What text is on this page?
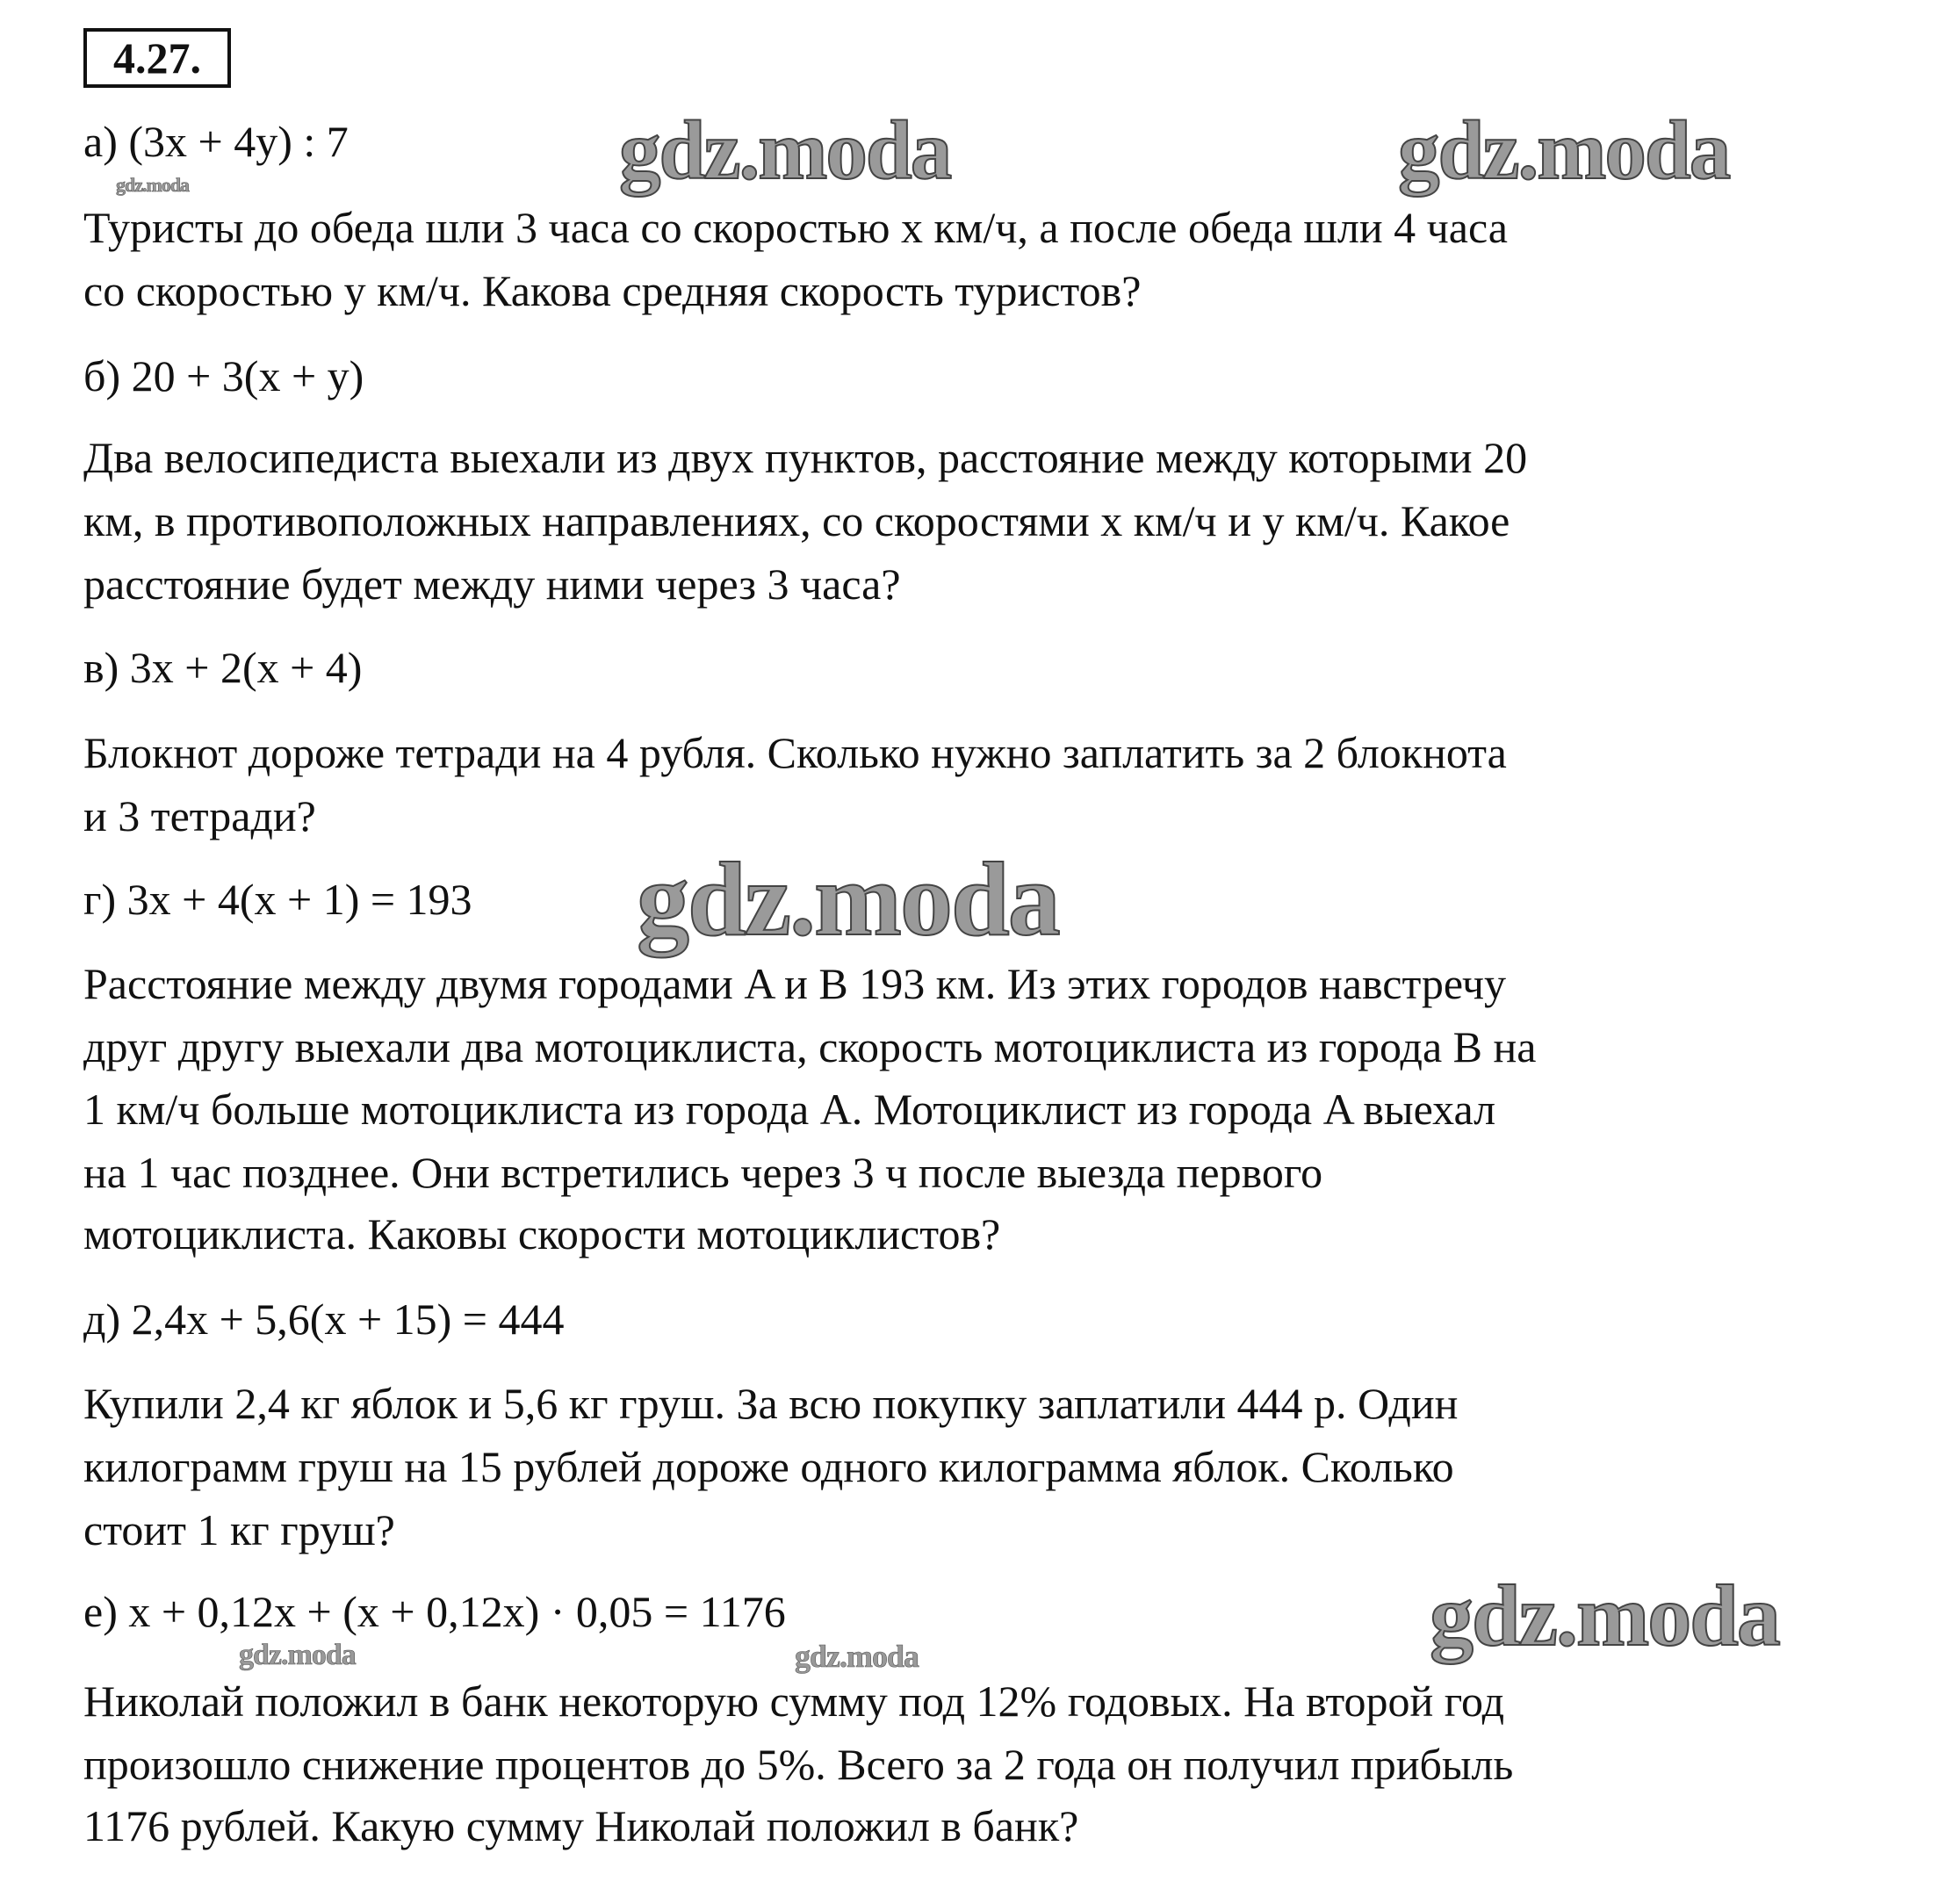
4.27.
gdz.moda	gdz.moda
gdz.moda
gdz.moda
gdz.moda
gdz.moda	gdz.moda
а) (3x + 4y) : 7
Туристы до обеда шли 3 часа со скоростью x км/ч, а после обеда шли 4 часа
со скоростью y км/ч. Какова средняя скорость туристов?
б) 20 + 3(x + y)
Два велосипедиста выехали из двух пунктов, расстояние между которыми 20
км, в противоположных направлениях, со скоростями x км/ч и y км/ч. Какое
расстояние будет между ними через 3 часа?
в) 3x + 2(x + 4)
Блокнот дороже тетради на 4 рубля. Сколько нужно заплатить за 2 блокнота
и 3 тетради?
г) 3x + 4(x + 1) = 193
Расстояние между двумя городами A и B 193 км. Из этих городов навстречу
друг другу выехали два мотоциклиста, скорость мотоциклиста из города B на
1 км/ч больше мотоциклиста из города A. Мотоциклист из города A выехал
на 1 час позднее. Они встретились через 3 ч после выезда первого
мотоциклиста. Каковы скорости мотоциклистов?
д) 2,4x + 5,6(x + 15) = 444
Купили 2,4 кг яблок и 5,6 кг груш. За всю покупку заплатили 444 р. Один
килограмм груш на 15 рублей дороже одного килограмма яблок. Сколько
стоит 1 кг груш?
е) x + 0,12x + (x + 0,12x) · 0,05 = 1176
Николай положил в банк некоторую сумму под 12% годовых. На второй год
произошло снижение процентов до 5%. Всего за 2 года он получил прибыль
1176 рублей. Какую сумму Николай положил в банк?
